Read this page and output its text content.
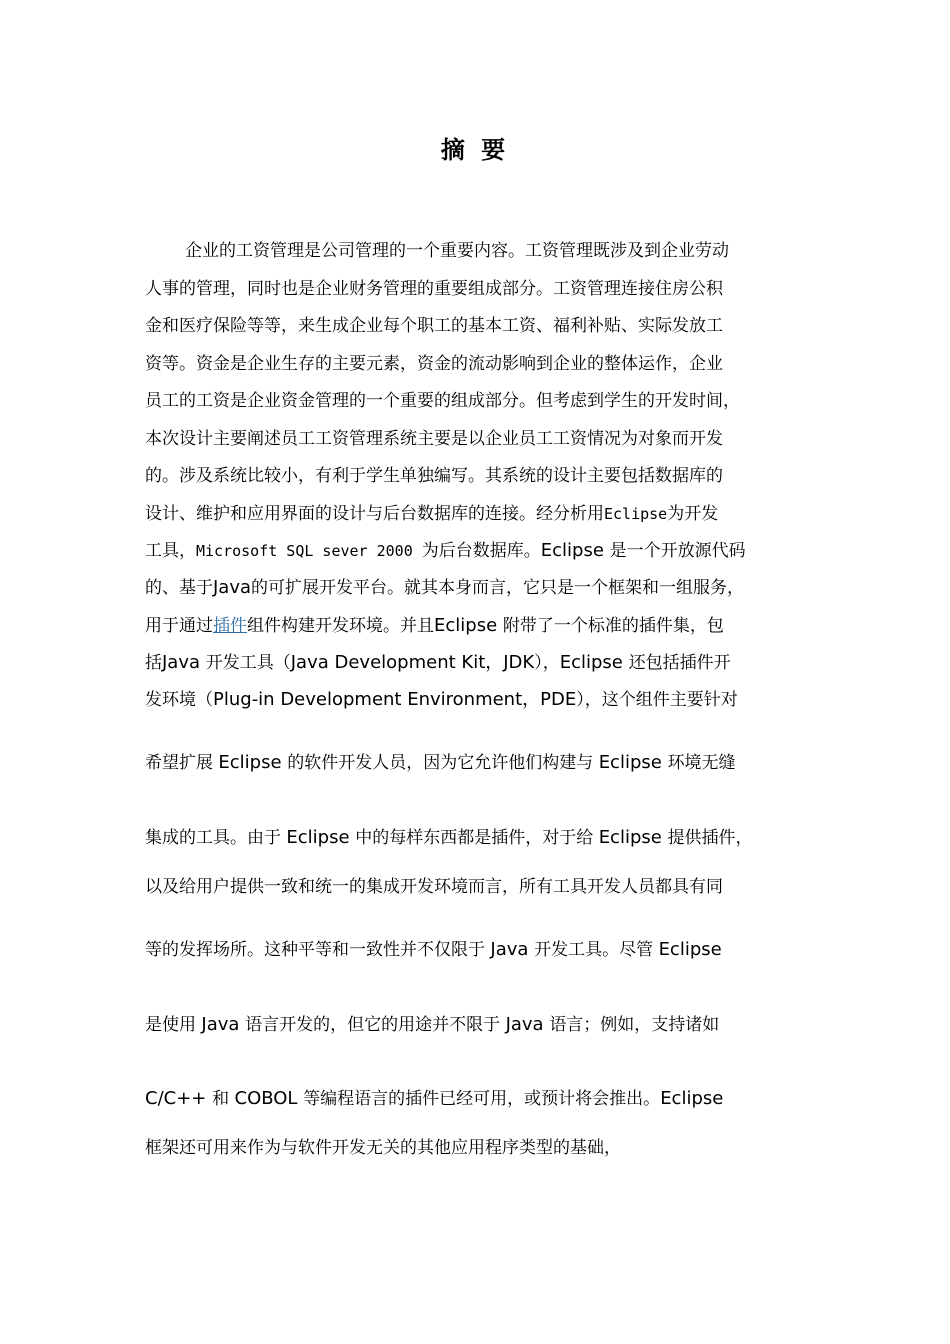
摘 要
企业的工资管理是公司管理的一个重要内容。工资管理既涉及到企业劳动
人事的管理，同时也是企业财务管理的重要组成部分。工资管理连接住房公积
金和医疗保险等等，来生成企业每个职工的基本工资、福利补贴、实际发放工
资等。资金是企业生存的主要元素，资金的流动影响到企业的整体运作，企业
员工的工资是企业资金管理的一个重要的组成部分。但考虑到学生的开发时间，
本次设计主要阐述员工工资管理系统主要是以企业员工工资情况为对象而开发
的。涉及系统比较小，有利于学生单独编写。其系统的设计主要包括数据库的
设计、维护和应用界面的设计与后台数据库的连接。经分析用Eclipse为开发
工具，Microsoft SQL sever 2000 为后台数据库。Eclipse 是一个开放源代码
的、基于Java的可扩展开发平台。就其本身而言，它只是一个框架和一组服务，
用于通过插件组件构建开发环境。并且Eclipse 附带了一个标准的插件集，包
括Java 开发工具（Java Development Kit，JDK），Eclipse 还包括插件开
发环境（Plug-in Development Environment，PDE），这个组件主要针对
希望扩展 Eclipse 的软件开发人员，因为它允许他们构建与 Eclipse 环境无缝
集成的工具。由于 Eclipse 中的每样东西都是插件，对于给 Eclipse 提供插件，
以及给用户提供一致和统一的集成开发环境而言，所有工具开发人员都具有同
等的发挥场所。这种平等和一致性并不仅限于 Java 开发工具。尽管 Eclipse
是使用 Java 语言开发的，但它的用途并不限于 Java 语言；例如，支持诸如
C/C++ 和 COBOL 等编程语言的插件已经可用，或预计将会推出。Eclipse
框架还可用来作为与软件开发无关的其他应用程序类型的基础，
